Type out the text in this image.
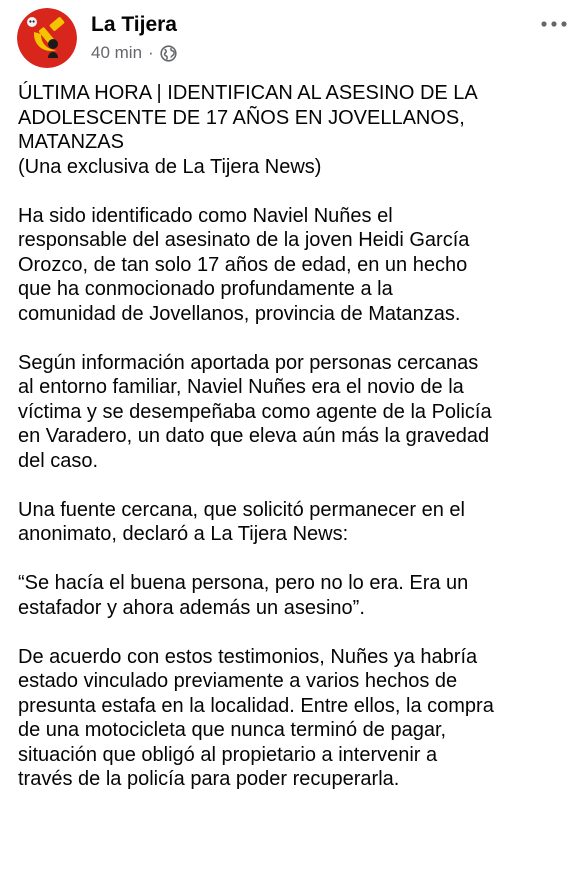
La Tijera
40 min ·

ÚLTIMA HORA | IDENTIFICAN AL ASESINO DE LA
ADOLESCENTE DE 17 AÑOS EN JOVELLANOS,
MATANZAS
(Una exclusiva de La Tijera News)

Ha sido identificado como Naviel Nuñes el
responsable del asesinato de la joven Heidi García
Orozco, de tan solo 17 años de edad, en un hecho
que ha conmocionado profundamente a la
comunidad de Jovellanos, provincia de Matanzas.

Según información aportada por personas cercanas
al entorno familiar, Naviel Nuñes era el novio de la
víctima y se desempeñaba como agente de la Policía
en Varadero, un dato que eleva aún más la gravedad
del caso.

Una fuente cercana, que solicitó permanecer en el
anonimato, declaró a La Tijera News:

“Se hacía el buena persona, pero no lo era. Era un
estafador y ahora además un asesino”.

De acuerdo con estos testimonios, Nuñes ya habría
estado vinculado previamente a varios hechos de
presunta estafa en la localidad. Entre ellos, la compra
de una motocicleta que nunca terminó de pagar,
situación que obligó al propietario a intervenir a
través de la policía para poder recuperarla.
